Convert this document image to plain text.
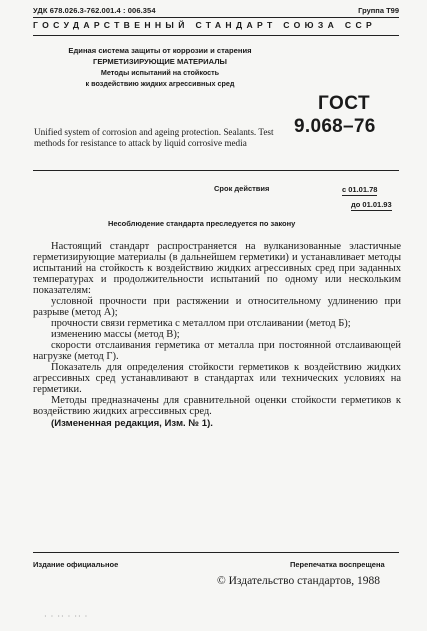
УДК 678.026.3-762.001.4 : 006.354	Группа Т99
ГОСУДАРСТВЕННЫЙ СТАНДАРТ СОЮЗА ССР
Единая система защиты от коррозии и старения
ГЕРМЕТИЗИРУЮЩИЕ МАТЕРИАЛЫ
Методы испытаний на стойкость
к воздействию жидких агрессивных сред
ГОСТ
9.068–76
Unified system of corrosion and ageing protection. Sealants. Test methods for resistance to attack by liquid corrosive media
Срок действия	с 01.01.78
до 01.01.93
Несоблюдение стандарта преследуется по закону

Настоящий стандарт распространяется на вулканизованные эластичные герметизирующие материалы (в дальнейшем герметики) и устанавливает методы испытаний на стойкость к воздействию жидких агрессивных сред при заданных температурах и продолжительности испытаний по одному или нескольким показателям:

условной прочности при растяжении и относительному удлинению при разрыве (метод А);

прочности связи герметика с металлом при отслаивании (метод Б);

изменению массы (метод В);

скорости отслаивания герметика от металла при постоянной отслаивающей нагрузке (метод Г).

Показатель для определения стойкости герметиков к воздействию жидких агрессивных сред устанавливают в стандартах или технических условиях на герметики.

Методы предназначены для сравнительной оценки стойкости герметиков к воздействию жидких агрессивных сред.

(Измененная редакция, Изм. № 1).

Издание официальное	Перепечатка воспрещена
© Издательство стандартов, 1988
· · ·· · ·· ·
